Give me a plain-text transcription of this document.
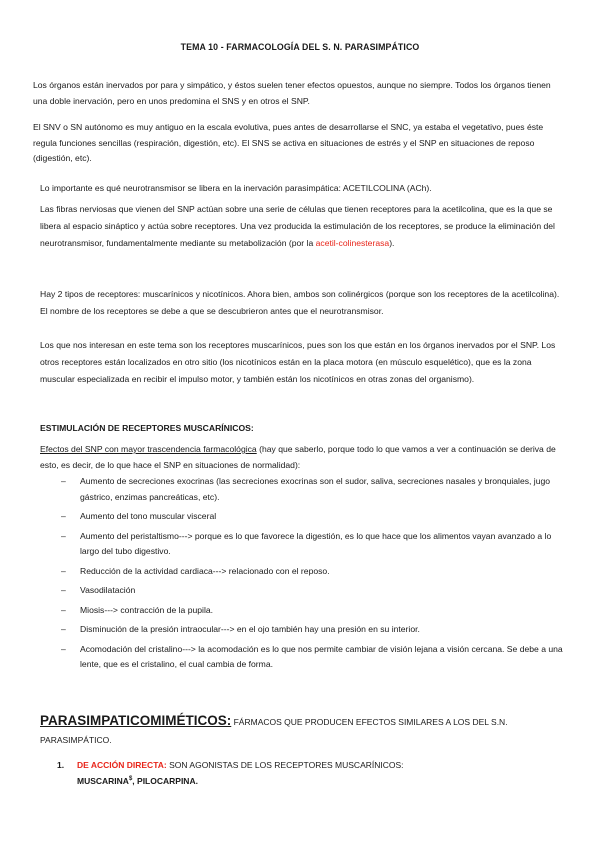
TEMA 10 - FARMACOLOGÍA DEL S. N. PARASIMPÁTICO

Los órganos están inervados por para y simpático, y éstos suelen tener efectos opuestos, aunque no siempre. Todos los órganos tienen una doble inervación, pero en unos predomina el SNS y en otros el SNP.

El SNV o SN autónomo es muy antiguo en la escala evolutiva, pues antes de desarrollarse el SNC, ya estaba el vegetativo, pues éste regula funciones sencillas (respiración, digestión, etc). El SNS se activa en situaciones de estrés y el SNP en situaciones de reposo (digestión, etc).

Lo importante es qué neurotransmisor se libera en la inervación parasimpática: ACETILCOLINA (ACh).

Las fibras nerviosas que vienen del SNP actúan sobre una serie de células que tienen receptores para la acetilcolina, que es la que se libera al espacio sináptico y actúa sobre receptores. Una vez producida la estimulación de los receptores, se produce la eliminación del neurotransmisor, fundamentalmente mediante su metabolización (por la acetil-colinesterasa).

Hay 2 tipos de receptores: muscarínicos y nicotínicos. Ahora bien, ambos son colinérgicos (porque son los receptores de la acetilcolina). El nombre de los receptores se debe a que se descubrieron antes que el neurotransmisor.

Los que nos interesan en este tema son los receptores muscarínicos, pues son los que están en los órganos inervados por el SNP. Los otros receptores están localizados en otro sitio (los nicotínicos están en la placa motora (en músculo esquelético), que es la zona muscular especializada en recibir el impulso motor, y también están los nicotínicos en otras zonas del organismo).

ESTIMULACIÓN DE RECEPTORES MUSCARÍNICOS:

Efectos del SNP con mayor trascendencia farmacológica (hay que saberlo, porque todo lo que vamos a ver a continuación se deriva de esto, es decir, de lo que hace el SNP en situaciones de normalidad):

– Aumento de secreciones exocrinas (las secreciones exocrinas son el sudor, saliva, secreciones nasales y bronquiales, jugo gástrico, enzimas pancreáticas, etc).
– Aumento del tono muscular visceral
– Aumento del peristaltismo---> porque es lo que favorece la digestión, es lo que hace que los alimentos vayan avanzado a lo largo del tubo digestivo.
– Reducción de la actividad cardiaca---> relacionado con el reposo.
– Vasodilatación
– Miosis---> contracción de la pupila.
– Disminución de la presión intraocular---> en el ojo también hay una presión en su interior.
– Acomodación del cristalino---> la acomodación es lo que nos permite cambiar de visión lejana a visión cercana. Se debe a una lente, que es el cristalino, el cual cambia de forma.
PARASIMPATICOMIMÉTICOS: FÁRMACOS QUE PRODUCEN EFECTOS SIMILARES A LOS DEL S.N. PARASIMPÁTICO.
1.	DE ACCIÓN DIRECTA: SON AGONISTAS DE LOS RECEPTORES MUSCARÍNICOS:
MUSCARINA$, PILOCARPINA.
